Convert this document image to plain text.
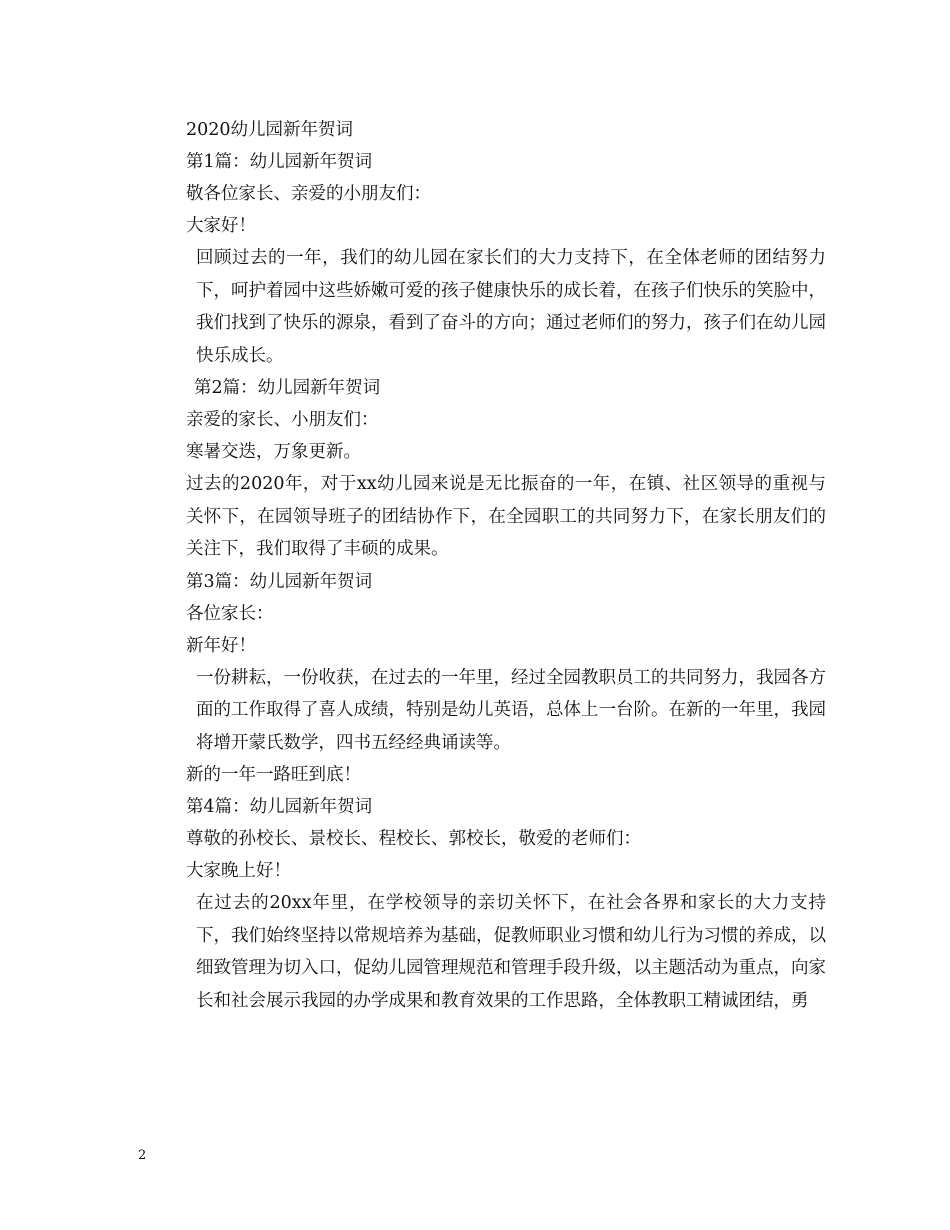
2020幼儿园新年贺词
第1篇：幼儿园新年贺词
敬各位家长、亲爱的小朋友们：
大家好！
回顾过去的一年，我们的幼儿园在家长们的大力支持下，在全体老师的团结努力下，呵护着园中这些娇嫩可爱的孩子健康快乐的成长着，在孩子们快乐的笑脸中，我们找到了快乐的源泉，看到了奋斗的方向；通过老师们的努力，孩子们在幼儿园快乐成长。
第2篇：幼儿园新年贺词
亲爱的家长、小朋友们：
寒暑交迭，万象更新。
过去的2020年，对于xx幼儿园来说是无比振奋的一年，在镇、社区领导的重视与关怀下，在园领导班子的团结协作下，在全园职工的共同努力下，在家长朋友们的关注下，我们取得了丰硕的成果。
第3篇：幼儿园新年贺词
各位家长：
新年好！
一份耕耘，一份收获，在过去的一年里，经过全园教职员工的共同努力，我园各方面的工作取得了喜人成绩，特别是幼儿英语，总体上一台阶。在新的一年里，我园将增开蒙氏数学，四书五经经典诵读等。
新的一年一路旺到底！
第4篇：幼儿园新年贺词
尊敬的孙校长、景校长、程校长、郭校长，敬爱的老师们：
大家晚上好！
在过去的20xx年里，在学校领导的亲切关怀下，在社会各界和家长的大力支持下，我们始终坚持以常规培养为基础，促教师职业习惯和幼儿行为习惯的养成，以细致管理为切入口，促幼儿园管理规范和管理手段升级，以主题活动为重点，向家长和社会展示我园的办学成果和教育效果的工作思路，全体教职工精诚团结，勇
2
